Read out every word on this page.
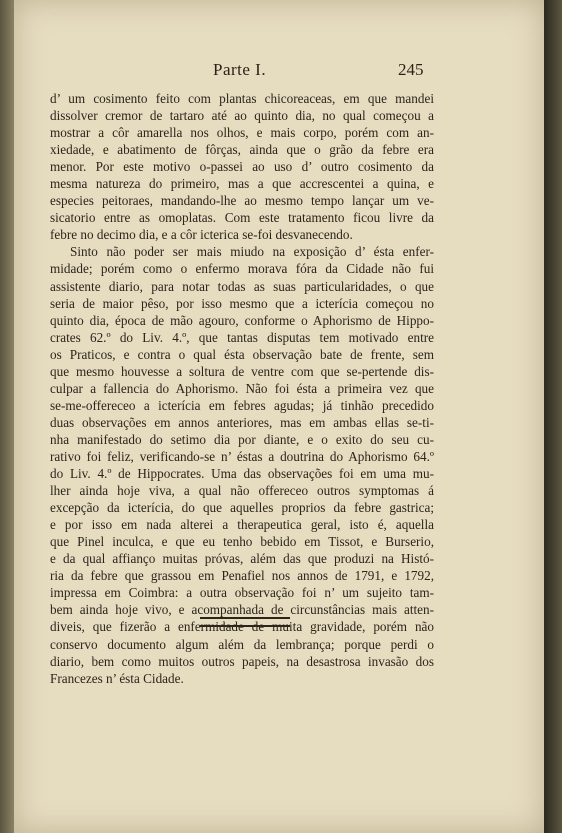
Parte I.	245
d’ um cosimento feito com plantas chicoreaceas, em que mandei
dissolver cremor de tartaro até ao quinto dia, no qual começou a
mostrar a côr amarella nos olhos, e mais corpo, porém com an-
xiedade, e abatimento de fôrças, ainda que o grão da febre era
menor. Por este motivo o-passei ao uso d’ outro cosimento da
mesma natureza do primeiro, mas a que accrescentei a quina, e
especies peitoraes, mandando-lhe ao mesmo tempo lançar um ve-
sicatorio entre as omoplatas. Com este tratamento ficou livre da
febre no decimo dia, e a côr icterica se-foi desvanecendo.
Sinto não poder ser mais miudo na exposição d’ ésta enfer-
midade; porém como o enfermo morava fóra da Cidade não fui
assistente diario, para notar todas as suas particularidades, o que
seria de maior pêso, por isso mesmo que a icterícia começou no
quinto dia, época de mão agouro, conforme o Aphorismo de Hippo-
crates 62.º do Liv. 4.º, que tantas disputas tem motivado entre
os Praticos, e contra o qual ésta observação bate de frente, sem
que mesmo houvesse a soltura de ventre com que se-pertende dis-
culpar a fallencia do Aphorismo. Não foi ésta a primeira vez que
se-me-offereceo a icterícia em febres agudas; já tinhão precedido
duas observações em annos anteriores, mas em ambas ellas se-ti-
nha manifestado do setimo dia por diante, e o exito do seu cu-
rativo foi feliz, verificando-se n’ éstas a doutrina do Aphorismo 64.º
do Liv. 4.º de Hippocrates. Uma das observações foi em uma mu-
lher ainda hoje viva, a qual não offereceo outros symptomas á
excepção da icterícia, do que aquelles proprios da febre gastrica;
e por isso em nada alterei a therapeutica geral, isto é, aquella
que Pinel inculca, e que eu tenho bebido em Tissot, e Burserio,
e da qual affianço muitas próvas, além das que produzi na Histó-
ria da febre que grassou em Penafiel nos annos de 1791, e 1792,
impressa em Coimbra: a outra observação foi n’ um sujeito tam-
bem ainda hoje vivo, e acompanhada de circunstâncias mais atten-
diveis, que fizerão a enfermidade de muita gravidade, porém não
conservo documento algum além da lembrança; porque perdi o
diario, bem como muitos outros papeis, na desastrosa invasão dos
Francezes n’ ésta Cidade.
